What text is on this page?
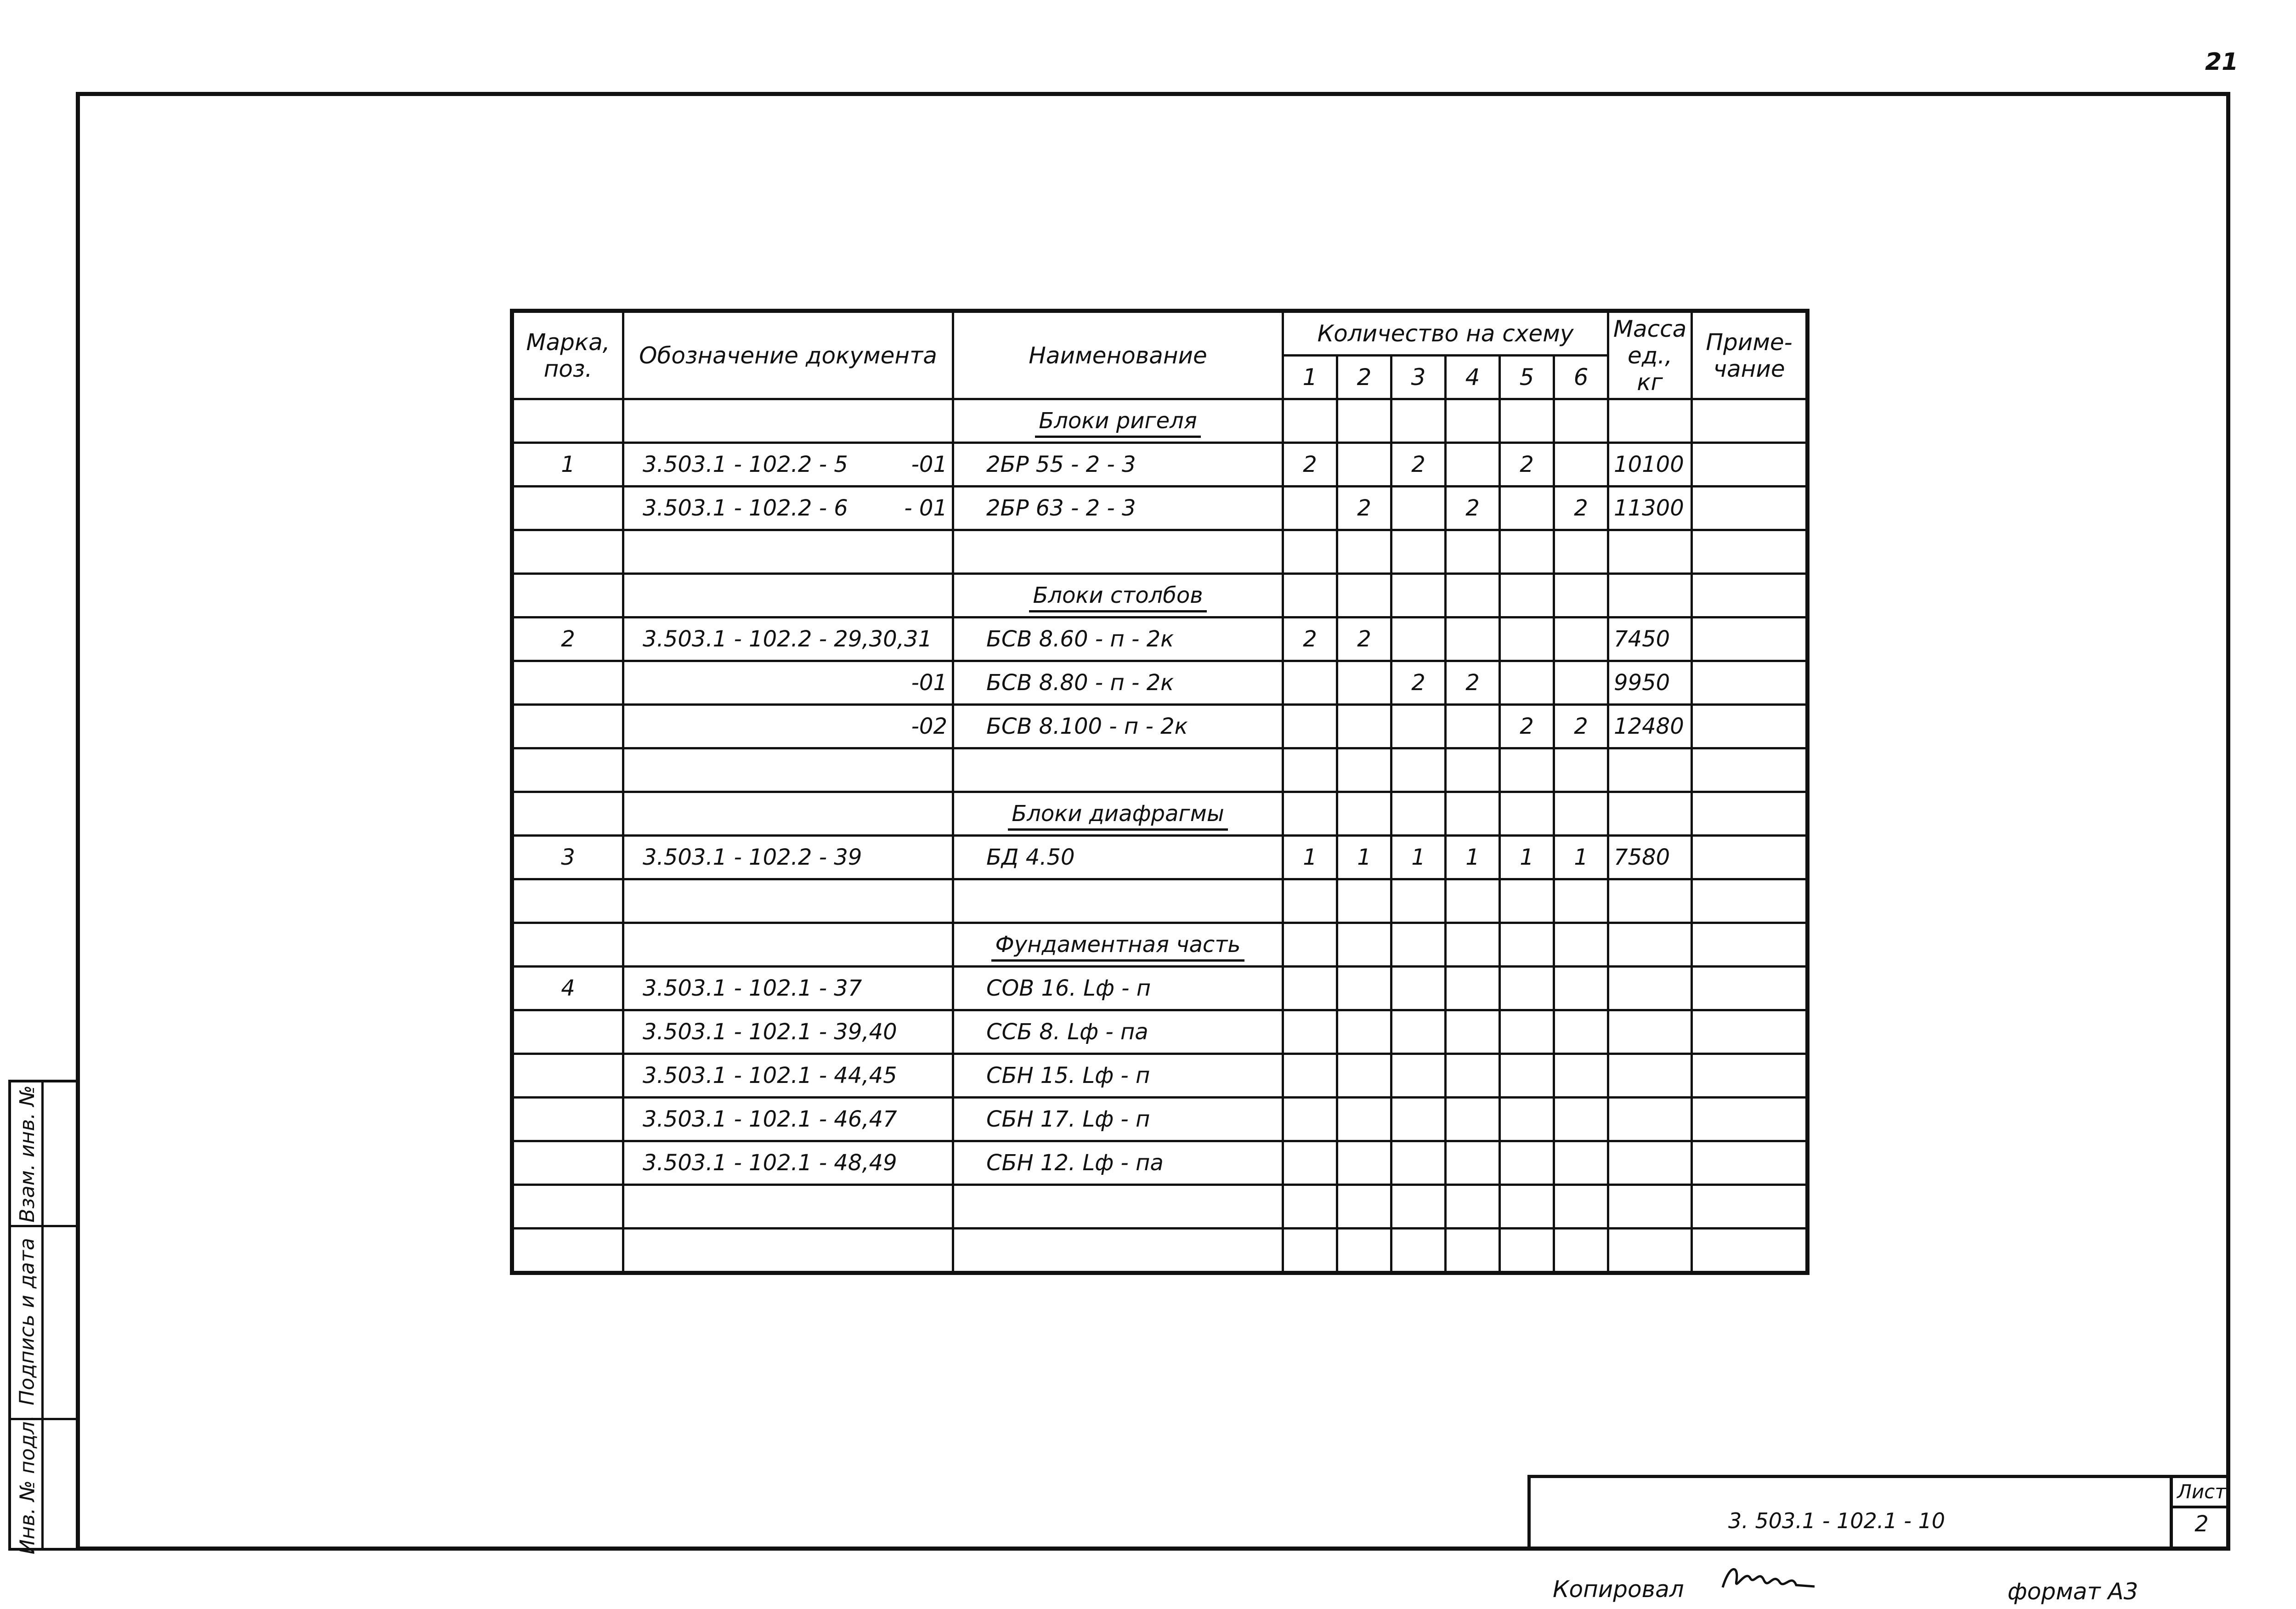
21
Взам. инв. №
Подпись и дата
Инв. № подл.
Марка, поз.	Обозначение документа	Наименование	Количество на схему						Масса ед., кг	Приме- чание
			1	2	3	4	5	6		
		Блоки ригеля								
1	3.503.1 - 102.2 - 5 -01	2БР 55 - 2 - 3	2		2		2		10100	

	3.503.1 - 102.2 - 6 - 01	2БР 63 - 2 - 3		2		2		2	11300	

		Блоки столбов								
2	3.503.1 - 102.2 - 29,30,31	БСВ 8.60 - п - 2к	2	2					7450	

	-01	БСВ 8.80 - п - 2к			2	2			9950	

	-02	БСВ 8.100 - п - 2к					2	2	12480	

		Блоки диафрагмы								
3	3.503.1 - 102.2 - 39	БД 4.50	1	1	1	1	1	1	7580	

		Фундаментная часть								
4	3.503.1 - 102.1 - 37	СОВ 16. Lф - п								

	3.503.1 - 102.1 - 39,40	ССБ 8. Lф - па								

	3.503.1 - 102.1 - 44,45	СБН 15. Lф - п								

	3.503.1 - 102.1 - 46,47	СБН 17. Lф - п								

	3.503.1 - 102.1 - 48,49	СБН 12. Lф - па								

3. 503.1 - 102.1 - 10
Лист
2
Копировал	формат А3
